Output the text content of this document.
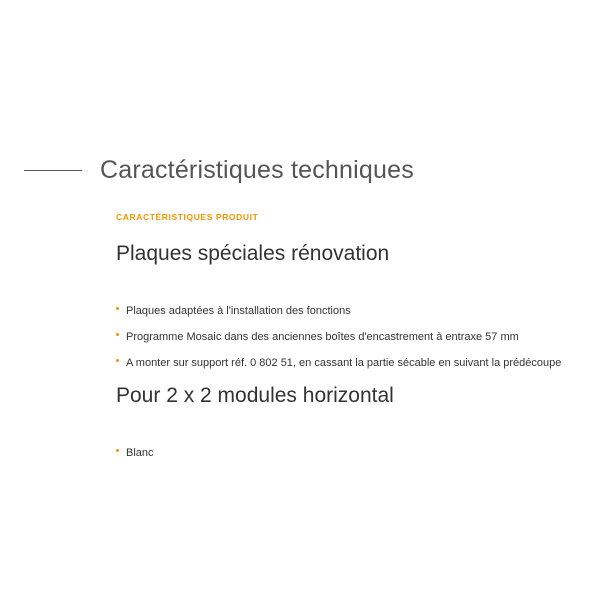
Caractéristiques techniques

CARACTÉRISTIQUES PRODUIT

Plaques spéciales rénovation
Plaques adaptées à l'installation des fonctions
Programme Mosaic dans des anciennes boîtes d'encastrement à entraxe 57 mm
A monter sur support réf. 0 802 51, en cassant la partie sécable en suivant la prédécoupe
Pour 2 x 2 modules horizontal
Blanc
